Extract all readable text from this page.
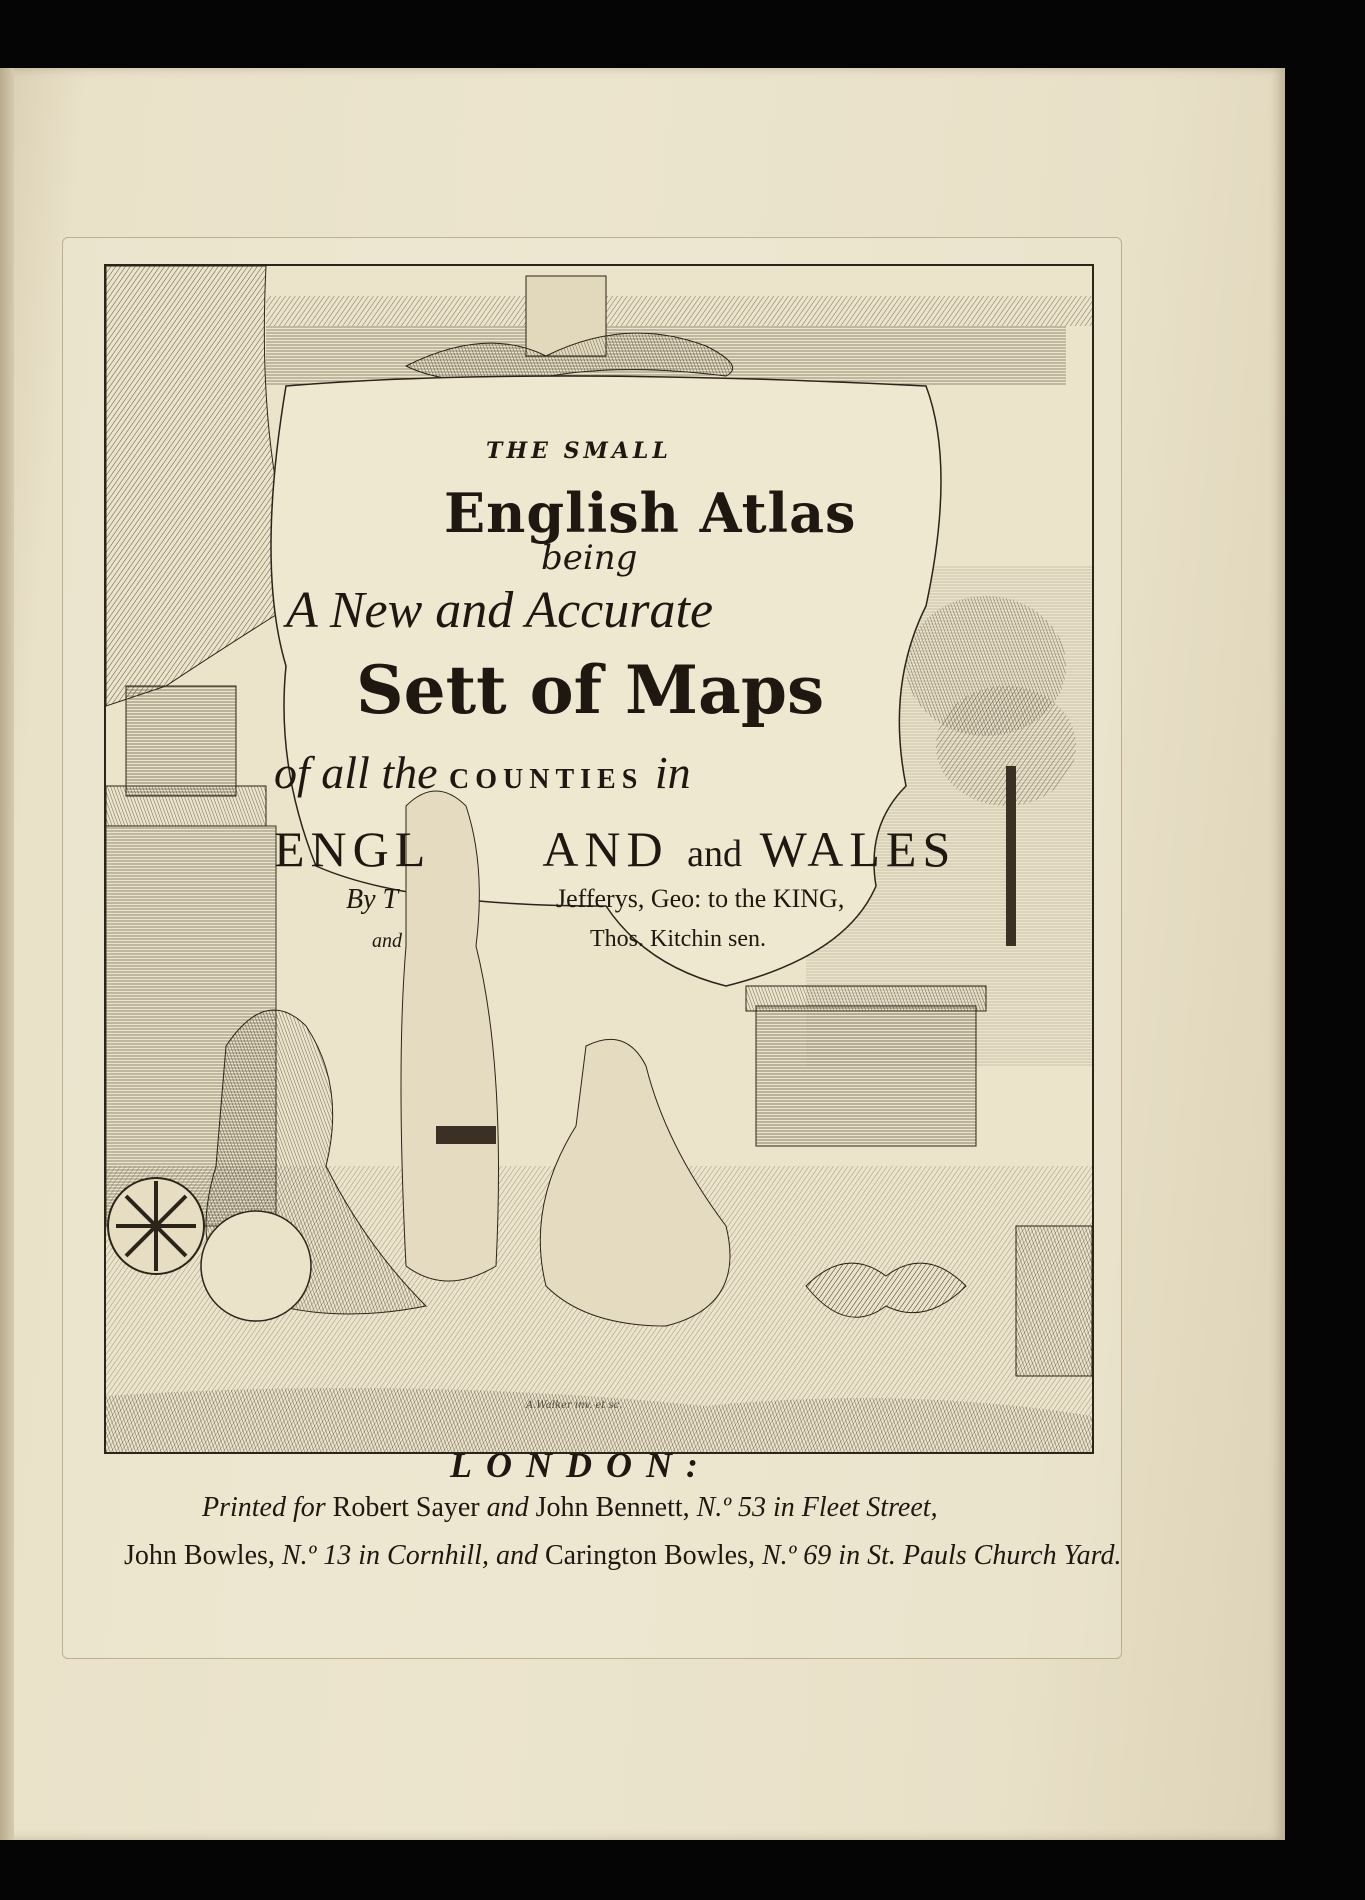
THE SMALL
English Atlas
being
A New and Accurate
Sett of Maps
of all the COUNTIES in
ENGL AND and WALES
By T	Jefferys, Geo: to the KING,
and	Thos. Kitchin sen.
A.Walker inv. et sc.
LONDON:
Printed for Robert Sayer and John Bennett, N.º 53 in Fleet Street,
John Bowles, N.º 13 in Cornhill, and Carington Bowles, N.º 69 in St. Pauls Church Yard.
